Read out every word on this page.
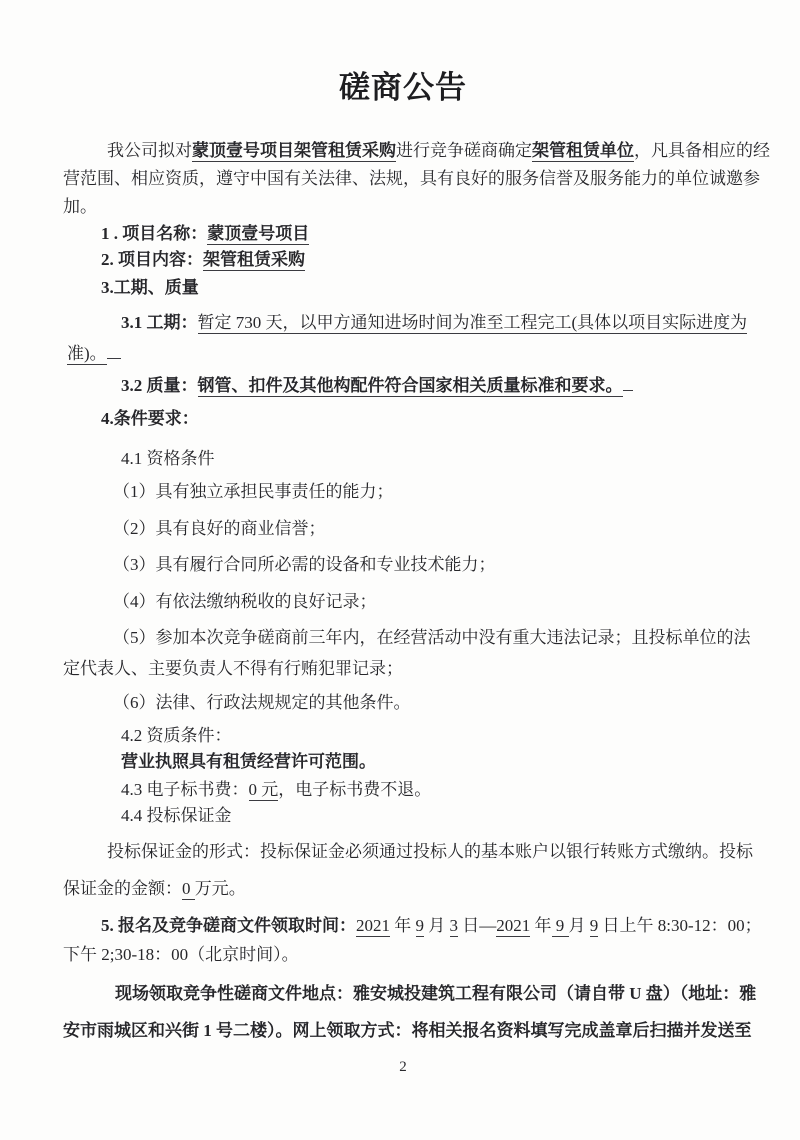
磋商公告
我公司拟对蒙顶壹号项目架管租赁采购进行竞争磋商确定架管租赁单位，凡具备相应的经
营范围、相应资质，遵守中国有关法律、法规，具有良好的服务信誉及服务能力的单位诚邀参
加。
1 . 项目名称：蒙顶壹号项目
2. 项目内容：架管租赁采购
3.工期、质量
3.1 工期：暂定 730 天，以甲方通知进场时间为准至工程完工(具体以项目实际进度为
准)。
3.2 质量：钢管、扣件及其他构配件符合国家相关质量标准和要求。
4.条件要求：
4.1 资格条件
（1）具有独立承担民事责任的能力；
（2）具有良好的商业信誉；
（3）具有履行合同所必需的设备和专业技术能力；
（4）有依法缴纳税收的良好记录；
（5）参加本次竞争磋商前三年内，在经营活动中没有重大违法记录；且投标单位的法
定代表人、主要负责人不得有行贿犯罪记录；
（6）法律、行政法规规定的其他条件。
4.2 资质条件：
营业执照具有租赁经营许可范围。
4.3 电子标书费：0 元，电子标书费不退。
4.4 投标保证金
投标保证金的形式：投标保证金必须通过投标人的基本账户以银行转账方式缴纳。投标
保证金的金额：0 万元。
5. 报名及竞争磋商文件领取时间：2021 年 9 月 3 日—2021 年 9 月 9 日上午 8:30-12：00；
下午 2;30-18：00（北京时间）。
现场领取竞争性磋商文件地点：雅安城投建筑工程有限公司（请自带 U 盘）（地址：雅
安市雨城区和兴街 1 号二楼）。网上领取方式：将相关报名资料填写完成盖章后扫描并发送至
2
